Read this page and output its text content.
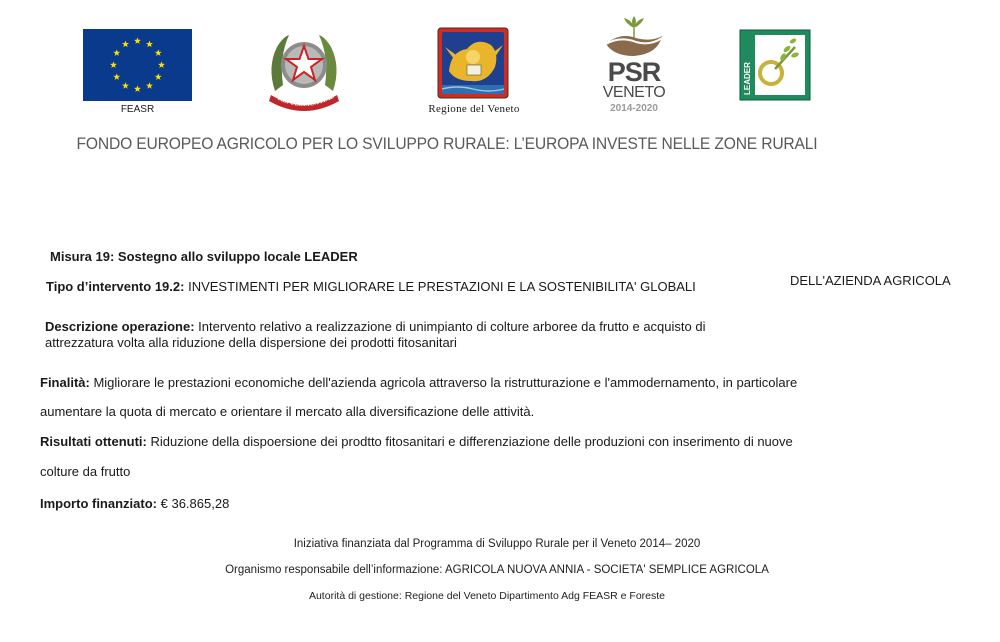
FEASR
REPUBBLICA ITAL
Regione del Veneto
PSR
VENETO
2014-2020
LEADER
FONDO EUROPEO AGRICOLO PER LO SVILUPPO RURALE: L’EUROPA INVESTE NELLE ZONE RURALI
Misura 19: Sostegno allo sviluppo locale LEADER
Tipo d’intervento 19.2: INVESTIMENTI PER MIGLIORARE LE PRESTAZIONI E LA SOSTENIBILITA' GLOBALI	DELL'AZIENDA AGRICOLA
Descrizione operazione: Intervento relativo a realizzazione di unimpianto di colture arboree da frutto e acquisto di
attrezzatura volta alla riduzione della dispersione dei prodotti fitosanitari
Finalità: Migliorare le prestazioni economiche dell'azienda agricola attraverso la ristrutturazione e l'ammodernamento, in particolare
aumentare la quota di mercato e orientare il mercato alla diversificazione delle attività.
Risultati ottenuti: Riduzione della dispoersione dei prodtto fitosanitari e differenziazione delle produzioni con inserimento di nuove
colture da frutto
Importo finanziato: € 36.865,28
Iniziativa finanziata dal Programma di Sviluppo Rurale per il Veneto 2014– 2020
Organismo responsabile dell’informazione: AGRICOLA NUOVA ANNIA - SOCIETA' SEMPLICE AGRICOLA
Autorità di gestione: Regione del Veneto Dipartimento Adg FEASR e Foreste
